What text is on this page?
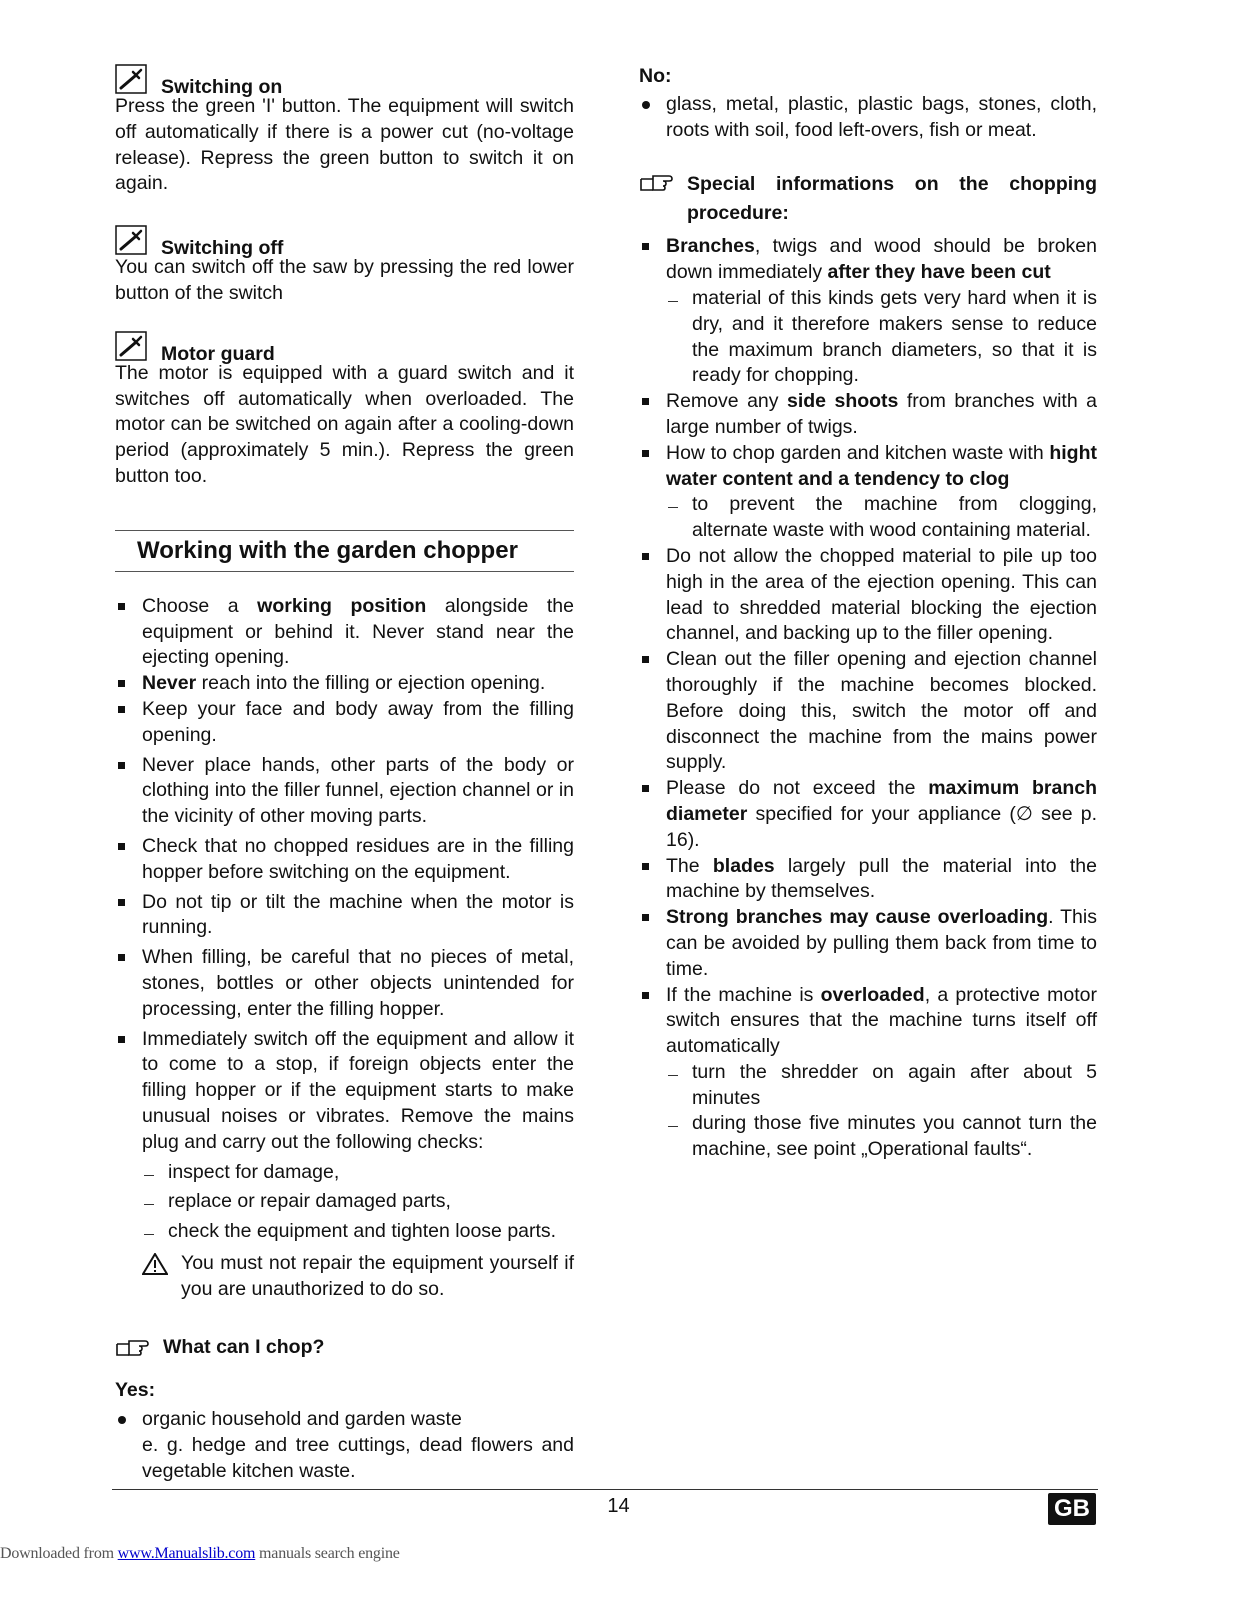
Switching on

Press the green 'I' button. The equipment will switch off automatically if there is a power cut (no-voltage release). Repress the green button to switch it on again.

Switching off

You can switch off the saw by pressing the red lower button of the switch

Motor guard

The motor is equipped with a guard switch and it switches off automatically when overloaded. The motor can be switched on again after a cooling-down period (approximately 5 min.). Repress the green button too.

Working with the garden chopper
Choose a working position alongside the equipment or behind it. Never stand near the ejecting opening.
Never reach into the filling or ejection opening.
Keep your face and body away from the filling opening.
Never place hands, other parts of the body or clothing into the filler funnel, ejection channel or in the vicinity of other moving parts.
Check that no chopped residues are in the filling hopper before switching on the equipment.
Do not tip or tilt the machine when the motor is running.
When filling, be careful that no pieces of metal, stones, bottles or other objects unintended for processing, enter the filling hopper.
Immediately switch off the equipment and allow it to come to a stop, if foreign objects enter the filling hopper or if the equipment starts to make unusual noises or vibrates. Remove the mains plug and carry out the following checks:
inspect for damage,
replace or repair damaged parts,
check the equipment and tighten loose parts.
You must not repair the equipment yourself if you are unauthorized to do so.
What can I chop?
Yes:
organic household and garden waste
e. g. hedge and tree cuttings, dead flowers and vegetable kitchen waste.
No:
glass, metal, plastic, plastic bags, stones, cloth, roots with soil, food left-overs, fish or meat.
Special informations on the chopping procedure:
Branches, twigs and wood should be broken down immediately after they have been cut
material of this kinds gets very hard when it is dry, and it therefore makers sense to reduce the maximum branch diameters, so that it is ready for chopping.
Remove any side shoots from branches with a large number of twigs.
How to chop garden and kitchen waste with hight water content and a tendency to clog
to prevent the machine from clogging, alternate waste with wood containing material.
Do not allow the chopped material to pile up too high in the area of the ejection opening. This can lead to shredded material blocking the ejection channel, and backing up to the filler opening.
Clean out the filler opening and ejection channel thoroughly if the machine becomes blocked. Before doing this, switch the motor off and disconnect the machine from the mains power supply.
Please do not exceed the maximum branch diameter specified for your appliance (∅ see p. 16).
The blades largely pull the material into the machine by themselves.
Strong branches may cause overloading. This can be avoided by pulling them back from time to time.
If the machine is overloaded, a protective motor switch ensures that the machine turns itself off automatically
turn the shredder on again after about 5 minutes
during those five minutes you cannot turn the machine, see point „Operational faults“.
14	GB
Downloaded from www.Manualslib.com manuals search engine
